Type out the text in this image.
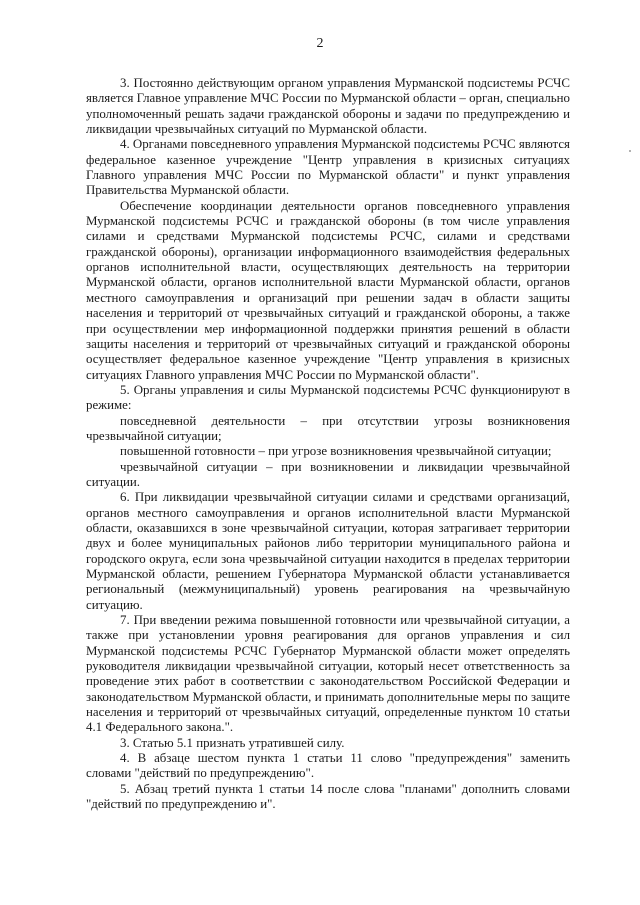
2

3. Постоянно действующим органом управления Мурманской подсистемы РСЧС является Главное управление МЧС России по Мурманской области – орган, специально уполномоченный решать задачи гражданской обороны и задачи по предупреждению и ликвидации чрезвычайных ситуаций по Мурманской области.

4. Органами повседневного управления Мурманской подсистемы РСЧС являются федеральное казенное учреждение "Центр управления в кризисных ситуациях Главного управления МЧС России по Мурманской области" и пункт управления Правительства Мурманской области.

Обеспечение координации деятельности органов повседневного управления Мурманской подсистемы РСЧС и гражданской обороны (в том числе управления силами и средствами Мурманской подсистемы РСЧС, силами и средствами гражданской обороны), организации информационного взаимодействия федеральных органов исполнительной власти, осуществляющих деятельность на территории Мурманской области, органов исполнительной власти Мурманской области, органов местного самоуправления и организаций при решении задач в области защиты населения и территорий от чрезвычайных ситуаций и гражданской обороны, а также при осуществлении мер информационной поддержки принятия решений в области защиты населения и территорий от чрезвычайных ситуаций и гражданской обороны осуществляет федеральное казенное учреждение "Центр управления в кризисных ситуациях Главного управления МЧС России по Мурманской области".

5. Органы управления и силы Мурманской подсистемы РСЧС функционируют в режиме:

повседневной деятельности – при отсутствии угрозы возникновения чрезвычайной ситуации;

повышенной готовности – при угрозе возникновения чрезвычайной ситуации;

чрезвычайной ситуации – при возникновении и ликвидации чрезвычайной ситуации.

6. При ликвидации чрезвычайной ситуации силами и средствами организаций, органов местного самоуправления и органов исполнительной власти Мурманской области, оказавшихся в зоне чрезвычайной ситуации, которая затрагивает территории двух и более муниципальных районов либо территории муниципального района и городского округа, если зона чрезвычайной ситуации находится в пределах территории Мурманской области, решением Губернатора Мурманской области устанавливается региональный (межмуниципальный) уровень реагирования на чрезвычайную ситуацию.

7. При введении режима повышенной готовности или чрезвычайной ситуации, а также при установлении уровня реагирования для органов управления и сил Мурманской подсистемы РСЧС Губернатор Мурманской области может определять руководителя ликвидации чрезвычайной ситуации, который несет ответственность за проведение этих работ в соответствии с законодательством Российской Федерации и законодательством Мурманской области, и принимать дополнительные меры по защите населения и территорий от чрезвычайных ситуаций, определенные пунктом 10 статьи 4.1 Федерального закона.".

3. Статью 5.1 признать утратившей силу.

4. В абзаце шестом пункта 1 статьи 11 слово "предупреждения" заменить словами "действий по предупреждению".

5. Абзац третий пункта 1 статьи 14 после слова "планами" дополнить словами "действий по предупреждению и".
